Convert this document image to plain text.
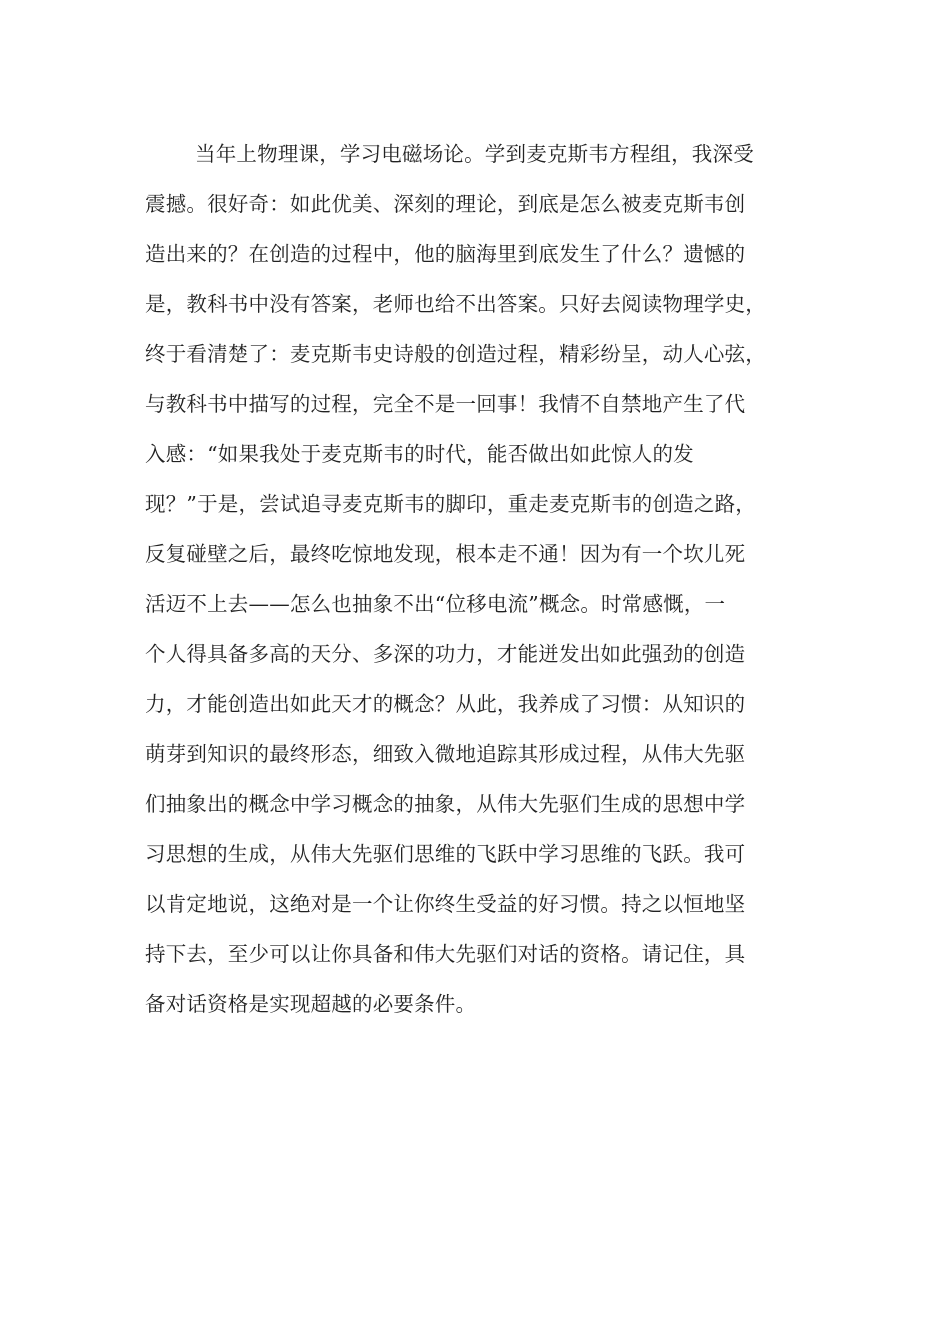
当年上物理课，学习电磁场论。学到麦克斯韦方程组，我深受
震撼。很好奇：如此优美、深刻的理论，到底是怎么被麦克斯韦创
造出来的？在创造的过程中，他的脑海里到底发生了什么？遗憾的
是，教科书中没有答案，老师也给不出答案。只好去阅读物理学史，
终于看清楚了：麦克斯韦史诗般的创造过程，精彩纷呈，动人心弦，
与教科书中描写的过程，完全不是一回事！我情不自禁地产生了代
入感：“如果我处于麦克斯韦的时代，能否做出如此惊人的发
现？”于是，尝试追寻麦克斯韦的脚印，重走麦克斯韦的创造之路，
反复碰壁之后，最终吃惊地发现，根本走不通！因为有一个坎儿死
活迈不上去——怎么也抽象不出“位移电流”概念。时常感慨，一
个人得具备多高的天分、多深的功力，才能迸发出如此强劲的创造
力，才能创造出如此天才的概念？从此，我养成了习惯：从知识的
萌芽到知识的最终形态，细致入微地追踪其形成过程，从伟大先驱
们抽象出的概念中学习概念的抽象，从伟大先驱们生成的思想中学
习思想的生成，从伟大先驱们思维的飞跃中学习思维的飞跃。我可
以肯定地说，这绝对是一个让你终生受益的好习惯。持之以恒地坚
持下去，至少可以让你具备和伟大先驱们对话的资格。请记住，具
备对话资格是实现超越的必要条件。
